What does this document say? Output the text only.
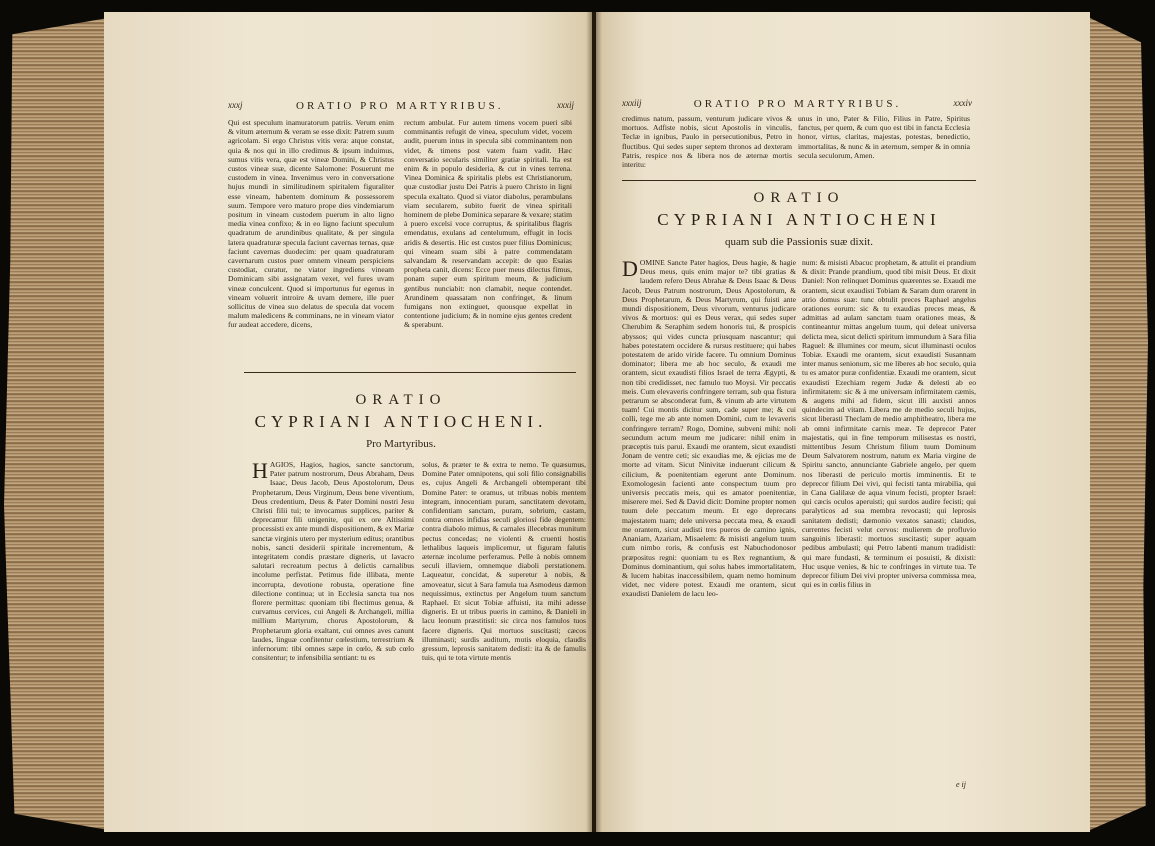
xxxj	ORATIO PRO MARTYRIBUS.	xxxij

Qui est speculum inamuratorum patriis. Verum enim & vitum æternum & veram se esse dixit: Patrem suum agricolam. Si ergo Christus vitis vera: atque constat, quia & nos qui in illo credimus & ipsum induimus, sumus vitis vera, quæ est vineæ Domini, & Christus custos vineæ suæ, dicente Salomone: Posuerunt me custodem in vinea. Invenimus vero in conversatione hujus mundi in similitudinem spiritalem figuraliter esse vineam, habentem dominum & possessorem suum. Tempore vero maturo prope dies vindemiarum positum in vineam custodem puerum in alto ligno media vinea confixo; & in eo ligno faciunt speculum quadratum de arundinibus qualitate, & per singula latera quadraturæ specula faciunt cavernas ternas, quæ faciunt cavernas duodecim: per quam quadraturam cavernarum custos puer omnem vineam perspiciens custodiat, curatur, ne viator ingrediens vineam Dominicam sibi assignatam vexet, vel fures uvam vineæ conculcent. Quod si importunus fur egenus in vineam voluerit introire & uvam demere, ille puer sollicitus de vinea suo delatus de specula dat vocem malum maledicens & comminans, ne in vineam viator fur audeat accedere, dicens,

rectum ambulat. Fur autem timens vocem pueri sibi comminantis refugit de vinea, speculum videt, vocem audit, puerum intus in specula sibi comminantem non videt, & timens post vatem fuam vadit. Hæc conversatio secularis similiter gratiæ spiritali. Ita est enim & in populo desideria, & cut in vines terrena. Vinea Dominica & spiritalis plebs est Christianorum, quæ custodiar justu Dei Patris à puero Christo in ligni specula exaltato. Quod si viator diabolus, perambulans viam secularem, subito fuerit de vinea spiritali hominem de plebe Dominica separare & vexare; statim à puero excelsi voce corruptus, & spiritalibus flagris emendatus, exulans ad centelumum, effugit in locis aridis & desertis. Hic est custos puer filius Dominicus; qui vineam suam sibi à patre commendatam salvandam & reservandam accepit: de quo Esaias propheta canit, dicens: Ecce puer meus dilectus fimus, ponam super eum spiritum meum, & judicium gentibus nunciabit: non clamabit, neque contendet. Arundinem quassatam non confringet, & linum fumigans non extinguet, quousque expellat in contentione judicium; & in nomine ejus gentes credent & sperabunt.

ORATIO
CYPRIANI ANTIOCHENI.
Pro Martyribus.

HAGIOS, Hagios, hagios, sancte sanctorum, Pater patrum nostrorum, Deus Abraham, Deus Isaac, Deus Jacob, Deus Apostolorum, Deus Prophetarum, Deus Virginum, Deus bene viventium, Deus credentium, Deus & Pater Domini nostri Jesu Christi filii tui; te invocamus supplices, pariter & deprecamur fili unigenite, qui ex ore Altissimi processisti ex ante mundi dispositionem, & ex Mariæ sanctæ virginis utero per mysterium editus; orantibus nobis, sancti desiderii spiritale incrementum, & integritatem condis præstare digneris, ut lavacro salutari recreatum pectus à delictis carnalibus incolume perfistat. Petimus fide illibata, mente incorrupta, devotione robusta, operatione fine dilectione continua; ut in Ecclesia sancta tua nos florere permittas: quoniam tibi flectimus genua, & curvamus cervices, cui Angeli & Archangeli, millia millium Martyrum, chorus Apostolorum, & Prophetarum gloria exaltant, cui omnes aves canunt laudes, linguæ confitentur cœlestium, terrestrium & infernorum: tibi omnes sæpe in cœlo, & sub cœlo consitentur; te infensibilia sentiant: tu es

solus, & præter te & extra te nemo. Te quæsumus, Domine Pater omnipotens, qui soli filio consignabilis es, cujus Angeli & Archangeli obtemperant tibi Domine Pater: te oramus, ut tribuas nobis mentem integram, innocentiam puram, sanctitatem devotam, confidentiam sanctam, puram, sobrium, castam, contra omnes infidias seculi gloriosi fide degentem: contra diabolo mimus, & carnales illecebras munitum pectus concedas; ne violenti & cruenti hostis lethalibus laqueis implicemur, ut figuram falutis æternæ incolume perferamus. Pelle à nobis omnem seculi illaviem, omnemque diaboli perstationem. Laqueatur, concidat, & superetur à nobis, & amoveatur, sicut à Sara famula tua Asmodeus dæmon nequissimus, extinctus per Angelum tuum sanctum Raphael. Et sicut Tobiæ affuisti, ita mihi adesse digneris. Et ut tribus pueris in camino, & Danieli in lacu leonum præstitisti: sic circa nos famulos tuos facere digneris. Qui mortuos suscitasti; cæcos illuminasti; surdis auditum, mutis eloquia, claudis gressum, leprosis sanitatem dedisti: ita & de famulis tuis, qui te tota virtute mentis

xxxiij	ORATIO PRO MARTYRIBUS.	xxxiv

credimus natum, passum, venturum judicare vivos & mortuos. Adfiste nobis, sicut Apostolis in vinculis, Teclæ in ignibus, Paulo in persecutionibus, Petro in fluctibus. Qui sedes super septem thronos ad dexteram Patris, respice nos & libera nos de æternæ mortis interitu:

unus in uno, Pater & Filio, Filius in Patre, Spiritus fanctus, per quem, & cum quo est tibi in fancta Ecclesia honor, virtus, claritas, majestas, potestas, benedictio, immortalitas, & nunc & in æternum, semper & in omnia secula seculorum, Amen.

ORATIO
CYPRIANI ANTIOCHENI
quam sub die Passionis suæ dixit.

DOMINE Sancte Pater hagios, Deus hagie, & hagie Deus meus, quis enim major te? tibi gratias & laudem refero Deus Abrahæ & Deus Isaac & Deus Jacob, Deus Patrum nostrorum, Deus Apostolorum, & Deus Prophetarum, & Deus Martyrum, qui fuisti ante mundi dispositionem, Deus vivorum, venturus judicare vivos & mortuos: qui es Deus verax, qui sedes super Cherubim & Seraphim sedem honoris tui, & prospicis abyssos; qui vides cuncta priusquam nascantur; qui habes potestatem occidere & rursus restituere; qui habes potestatem de arido viride facere. Tu omnium Dominus dominator; libera me ab hoc seculo, & exaudi me orantem, sicut exaudisti filios Israel de terra Ægypti, & non tibi credidisset, nec famulo tuo Moysi. Vir peccatis meis. Cum elevaveris confringere terram, sub qua fistura petrarum se absconderat fum, & vinum ab arte virtutem tuam! Cui montis dicitur sum, cade super me; & cui colli, tege me ab ante nomen Domini, cum te levaveris confringere terram? Rogo, Domine, subveni mihi: noli secundum actum meum me judicare: nihil enim in præceptis tuis parui. Exaudi me orantem, sicut exaudisti Jonam de ventre ceti; sic exaudias me, & ejicias me de morte ad vitam. Sicut Ninivitæ induerunt cilicum & cilicium, & poenitentiam egerunt ante Dominum. Exomologesin facienti ante conspectum tuum pro universis peccatis meis, qui es amator poenitentiæ, miserere mei. Sed & David dicit: Domine propter nomen tuum dele peccatum meum. Et ego deprecans majestatem tuam; dele universa peccata mea, & exaudi me orantem, sicut audisti tres pueros de camino ignis, Ananiam, Azariam, Misaelem: & misisti angelum tuum cum nimbo roris, & confusis est Nabuchodonosor præpositus regni: quoniam tu es Rex regnantium, & Dominus dominantium, qui solus habes immortalitatem, & lucem habitas inaccessibilem, quam nemo hominum videt, nec videre potest. Exaudi me orantem, sicut exaudisti Danielem de lacu leo-

num: & misisti Abacuc prophetam, & attulit ei prandium & dixit: Prande prandium, quod tibi misit Deus. Et dixit Daniel: Non relinquet Dominus quærentes se. Exaudi me orantem, sicut exaudisti Tobiam & Saram dum orarent in atrio domus suæ: tunc obtulit preces Raphael angelus orationes eorum: sic & tu exaudias preces meas, & admittas ad aulam sanctam tuam orationes meas, & contineantur mittas angelum tuum, qui deleat universa delicta mea, sicut delicti spiritum immundum à Sara filia Raguel: & illumines cor meum, sicut illuminasti oculos Tobiæ. Exaudi me orantem, sicut exaudisti Susannam inter manus senionum, sic me liberes ab hoc seculo, quia tu es amator puræ confidentiæ. Exaudi me orantem, sicut exaudisti Ezechiam regem Judæ & delesti ab eo infirmitatem: sic & à me universam infirmitatem cæmis, & augens mihi ad fidem, sicut illi auxisti annos quindecim ad vitam. Libera me de medio seculi hujus, sicut liberasti Theclam de medio amphitheatro, libera me ab omni infirmitate carnis meæ. Te deprecor Pater majestatis, qui in fine temporum milisestas es nostri, mittentibus Jesum Christum filium tuum Dominum Deum Salvatorem nostrum, natum ex Maria virgine de Spiritu sancto, annunciante Gabriele angelo, per quem nos liberasti de periculo mortis imminentis. Et te deprecor filium Dei vivi, qui fecisti tanta mirabilia, qui in Cana Galilææ de aqua vinum fecisti, propter Israel: qui cæcis oculos aperuisti; qui surdos audire fecisti; qui paralyticos ad sua membra revocasti; qui leprosis sanitatem dedisti; dæmonio vexatos sanasti; claudos, currentes fecisti velut cervos: mulierem de profluvio sanguinis liberasti: mortuos suscitasti; super aquam pedibus ambulasti; qui Petro labenti manum tradidisti: qui mare fundasti, & terminum ei posuisti, & dixisti: Huc usque venies, & hic te confringes in virtute tua. Te deprecor filium Dei vivi propter universa commissa mea, qui es in cœlis filius in

e ij
